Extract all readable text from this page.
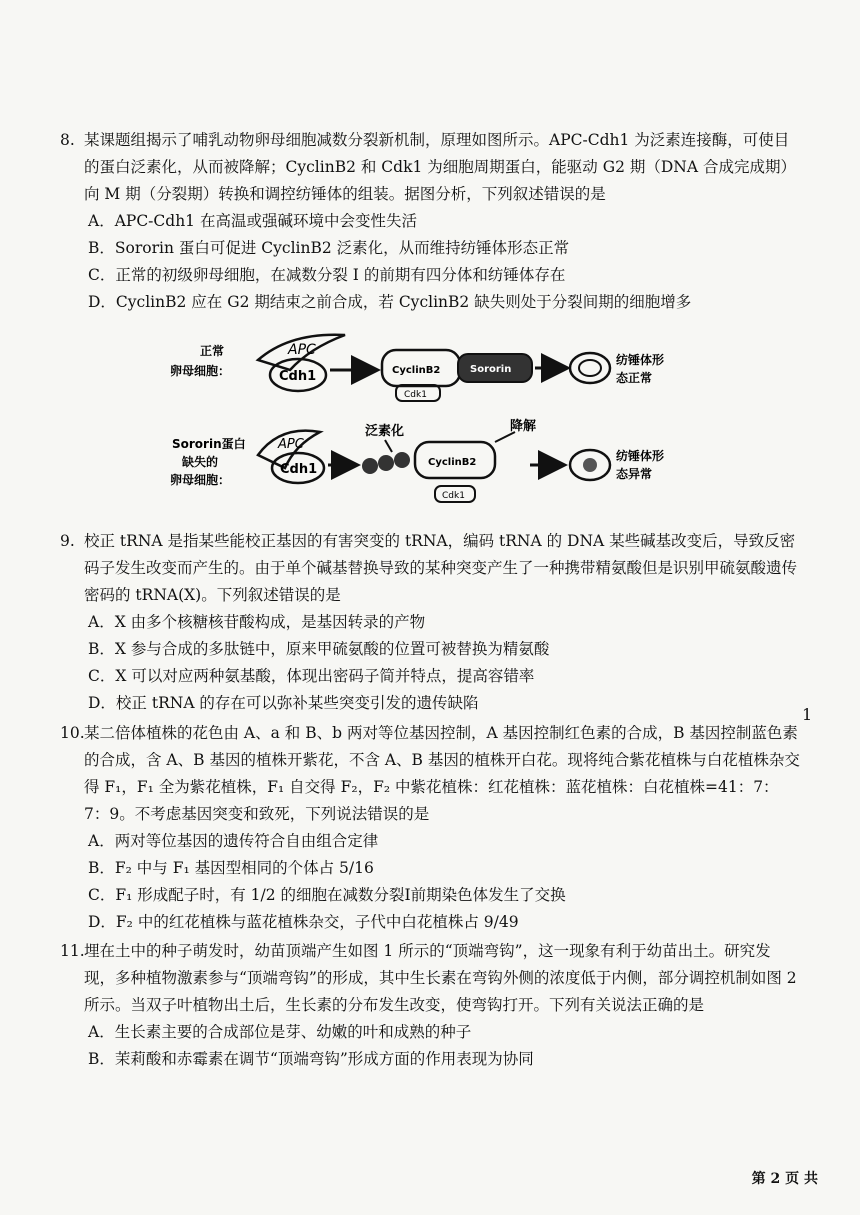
8. 某课题组揭示了哺乳动物卵母细胞减数分裂新机制，原理如图所示。APC-Cdh1 为泛素连接酶，可使目的蛋白泛素化，从而被降解；CyclinB2 和 Cdk1 为细胞周期蛋白，能驱动 G2 期（DNA 合成完成期）向 M 期（分裂期）转换和调控纺锤体的组装。据图分析，下列叙述错误的是

A．APC-Cdh1 在高温或强碱环境中会变性失活

B．Sororin 蛋白可促进 CyclinB2 泛素化，从而维持纺锤体形态正常

C．正常的初级卵母细胞，在减数分裂 I 的前期有四分体和纺锤体存在

D．CyclinB2 应在 G2 期结束之前合成，若 CyclinB2 缺失则处于分裂间期的细胞增多

正常
卵母细胞：
APC
Cdh1	CyclinB2
Cdk1
Sororin
纺锤体形
态正常
Sororin蛋白
缺失的
卵母细胞：
APC
Cdh1
泛素化
CyclinB2
Cdk1
降解
纺锤体形
态异常

9. 校正 tRNA 是指某些能校正基因的有害突变的 tRNA，编码 tRNA 的 DNA 某些碱基改变后，导致反密码子发生改变而产生的。由于单个碱基替换导致的某种突变产生了一种携带精氨酸但是识别甲硫氨酸遗传密码的 tRNA(X)。下列叙述错误的是

A．X 由多个核糖核苷酸构成，是基因转录的产物

B．X 参与合成的多肽链中，原来甲硫氨酸的位置可被替换为精氨酸

C．X 可以对应两种氨基酸，体现出密码子简并特点，提高容错率

D．校正 tRNA 的存在可以弥补某些突变引发的遗传缺陷

10. 某二倍体植株的花色由 A、a 和 B、b 两对等位基因控制，A 基因控制红色素的合成，B 基因控制蓝色素的合成，含 A、B 基因的植株开紫花，不含 A、B 基因的植株开白花。现将纯合紫花植株与白花植株杂交得 F₁，F₁ 全为紫花植株，F₁ 自交得 F₂，F₂ 中紫花植株：红花植株：蓝花植株：白花植株=41：7：7：9。不考虑基因突变和致死，下列说法错误的是

A．两对等位基因的遗传符合自由组合定律

B．F₂ 中与 F₁ 基因型相同的个体占 5/16

C．F₁ 形成配子时，有 1/2 的细胞在减数分裂Ⅰ前期染色体发生了交换

D．F₂ 中的红花植株与蓝花植株杂交，子代中白花植株占 9/49

11. 埋在土中的种子萌发时，幼苗顶端产生如图 1 所示的“顶端弯钩”，这一现象有利于幼苗出土。研究发现，多种植物激素参与“顶端弯钩”的形成，其中生长素在弯钩外侧的浓度低于内侧，部分调控机制如图 2 所示。当双子叶植物出土后，生长素的分布发生改变，使弯钩打开。下列有关说法正确的是

A．生长素主要的合成部位是芽、幼嫩的叶和成熟的种子

B．茉莉酸和赤霉素在调节“顶端弯钩”形成方面的作用表现为协同

1
第 2 页 共
